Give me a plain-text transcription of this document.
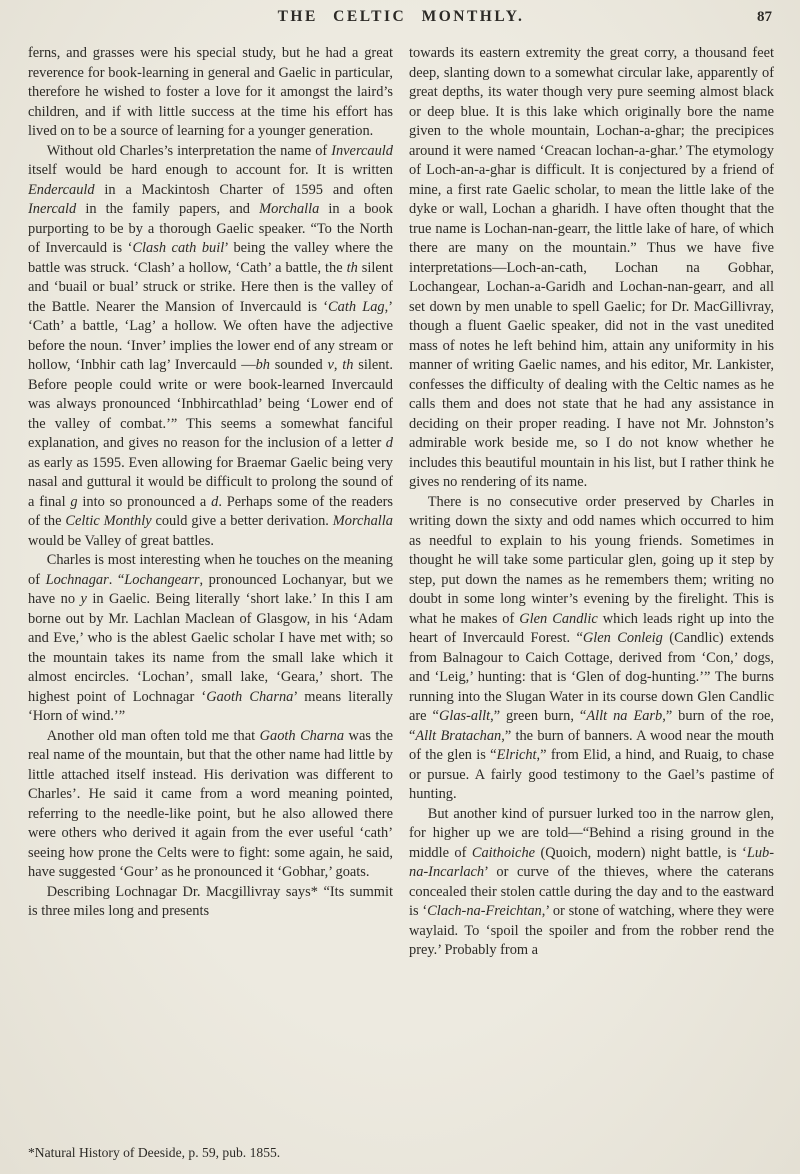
THE CELTIC MONTHLY.	87

ferns, and grasses were his special study, but he had a great reverence for book-learning in general and Gaelic in particular, therefore he wished to foster a love for it amongst the laird’s children, and if with little success at the time his effort has lived on to be a source of learning for a younger generation.

Without old Charles’s interpretation the name of Invercauld itself would be hard enough to account for. It is written Endercauld in a Mackintosh Charter of 1595 and often Inercald in the family papers, and Morchalla in a book purporting to be by a thorough Gaelic speaker. “To the North of Invercauld is ‘Clash cath buil’ being the valley where the battle was struck. ‘Clash’ a hollow, ‘Cath’ a battle, the th silent and ‘buail or bual’ struck or strike. Here then is the valley of the Battle. Nearer the Mansion of Invercauld is ‘Cath Lag,’ ‘Cath’ a battle, ‘Lag’ a hollow. We often have the adjective before the noun. ‘Inver’ implies the lower end of any stream or hollow, ‘Inbhir cath lag’ Invercauld —bh sounded v, th silent. Before people could write or were book-learned Invercauld was always pronounced ‘Inbhircathlad’ being ‘Lower end of the valley of combat.’” This seems a somewhat fanciful explanation, and gives no reason for the inclusion of a letter d as early as 1595. Even allowing for Braemar Gaelic being very nasal and guttural it would be difficult to prolong the sound of a final g into so pronounced a d. Perhaps some of the readers of the Celtic Monthly could give a better derivation. Morchalla would be Valley of great battles.

Charles is most interesting when he touches on the meaning of Lochnagar. “Lochangearr, pronounced Lochanyar, but we have no y in Gaelic. Being literally ‘short lake.’ In this I am borne out by Mr. Lachlan Maclean of Glasgow, in his ‘Adam and Eve,’ who is the ablest Gaelic scholar I have met with; so the mountain takes its name from the small lake which it almost encircles. ‘Lochan’, small lake, ‘Geara,’ short. The highest point of Lochnagar ‘Gaoth Charna’ means literally ‘Horn of wind.’”

Another old man often told me that Gaoth Charna was the real name of the mountain, but that the other name had little by little attached itself instead. His derivation was different to Charles’. He said it came from a word meaning pointed, referring to the needle-like point, but he also allowed there were others who derived it again from the ever useful ‘cath’ seeing how prone the Celts were to fight: some again, he said, have suggested ‘Gour’ as he pronounced it ‘Gobhar,’ goats.

Describing Lochnagar Dr. Macgillivray says* “Its summit is three miles long and presents

*Natural History of Deeside, p. 59, pub. 1855.

towards its eastern extremity the great corry, a thousand feet deep, slanting down to a somewhat circular lake, apparently of great depths, its water though very pure seeming almost black or deep blue. It is this lake which originally bore the name given to the whole mountain, Lochan-a-ghar; the precipices around it were named ‘Creacan lochan-a-ghar.’ The etymology of Loch-an-a-ghar is difficult. It is conjectured by a friend of mine, a first rate Gaelic scholar, to mean the little lake of the dyke or wall, Lochan a gharidh. I have often thought that the true name is Lochan-nan-gearr, the little lake of hare, of which there are many on the mountain.” Thus we have five interpretations—Loch-an-cath, Lochan na Gobhar, Lochangear, Lochan-a-Garidh and Lochan-nan-gearr, and all set down by men unable to spell Gaelic; for Dr. MacGillivray, though a fluent Gaelic speaker, did not in the vast unedited mass of notes he left behind him, attain any uniformity in his manner of writing Gaelic names, and his editor, Mr. Lankister, confesses the difficulty of dealing with the Celtic names as he calls them and does not state that he had any assistance in deciding on their proper reading. I have not Mr. Johnston’s admirable work beside me, so I do not know whether he includes this beautiful mountain in his list, but I rather think he gives no rendering of its name.

There is no consecutive order preserved by Charles in writing down the sixty and odd names which occurred to him as needful to explain to his young friends. Sometimes in thought he will take some particular glen, going up it step by step, put down the names as he remembers them; writing no doubt in some long winter’s evening by the firelight. This is what he makes of Glen Candlic which leads right up into the heart of Invercauld Forest. “Glen Conleig (Candlic) extends from Balnagour to Caich Cottage, derived from ‘Con,’ dogs, and ‘Leig,’ hunting: that is ‘Glen of dog-hunting.’” The burns running into the Slugan Water in its course down Glen Candlic are “Glas-allt,” green burn, “Allt na Earb,” burn of the roe, “Allt Bratachan,” the burn of banners. A wood near the mouth of the glen is “Elricht,” from Elid, a hind, and Ruaig, to chase or pursue. A fairly good testimony to the Gael’s pastime of hunting.

But another kind of pursuer lurked too in the narrow glen, for higher up we are told—“Behind a rising ground in the middle of Caithoiche (Quoich, modern) night battle, is ‘Lub-na-Incarlach’ or curve of the thieves, where the caterans concealed their stolen cattle during the day and to the eastward is ‘Clach-na-Freichtan,’ or stone of watching, where they were waylaid. To ‘spoil the spoiler and from the robber rend the prey.’ Probably from a
